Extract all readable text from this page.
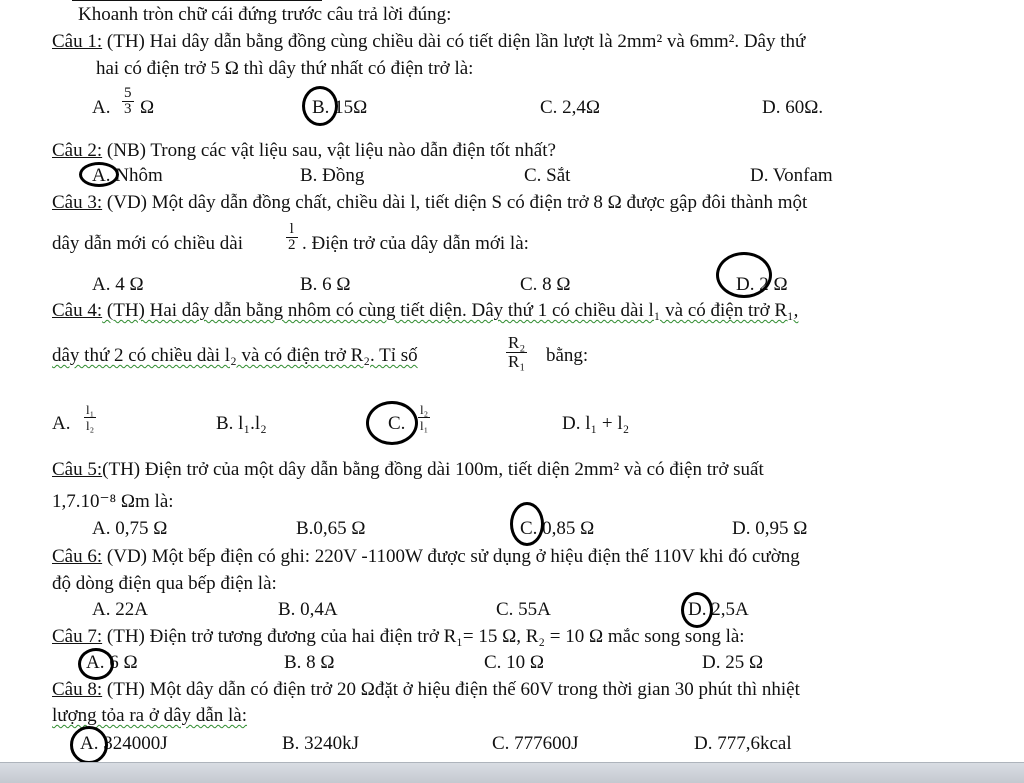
Khoanh tròn chữ cái đứng trước câu trả lời đúng:
Câu 1: (TH) Hai dây dẫn bằng đồng cùng chiều dài có tiết diện lần lượt là 2mm² và 6mm². Dây thứ
hai có điện trở 5 Ω thì dây thứ nhất có điện trở là:
A. $\frac{5}{3}$ Ω	B. 15Ω	C. 2,4Ω	D. 60Ω.
Câu 2: (NB) Trong các vật liệu sau, vật liệu nào dẫn điện tốt nhất?
A. Nhôm	B. Đồng	C. Sắt	D. Vonfam
Câu 3: (VD) Một dây dẫn đồng chất, chiều dài l, tiết diện S có điện trở 8 Ω được gập đôi thành một
dây dẫn mới có chiều dài	$\frac{l}{2}$ . Điện trở của dây dẫn mới là:
A. 4 Ω	B. 6 Ω	C. 8 Ω	D. 2 Ω
Câu 4: (TH) Hai dây dẫn bằng nhôm có cùng tiết diện. Dây thứ 1 có chiều dài l₁ và có điện trở R₁,
dây thứ 2 có chiều dài l₂ và có điện trở R₂. Tỉ số	$\frac{\text{R₂}}{\text{R₁}}$ bằng:
A. $\frac{\text{l₁}}{\text{l₂}}$	B. l₁.l₂	C. $\frac{\text{l₂}}{\text{l₁}}$	D. l₁ + l₂
Câu 5:(TH) Điện trở của một dây dẫn bằng đồng dài 100m, tiết diện 2mm² và có điện trở suất
1,7.10⁻⁸ Ωm là:
A. 0,75 Ω	B.0,65 Ω	C. 0,85 Ω	D. 0,95 Ω
Câu 6: (VD) Một bếp điện có ghi: 220V -1100W được sử dụng ở hiệu điện thế 110V khi đó cường
độ dòng điện qua bếp điện là:
A. 22A	B. 0,4A	C. 55A	D. 2,5A
Câu 7: (TH) Điện trở tương đương của hai điện trở R₁= 15 Ω, R₂ = 10 Ω mắc song song là:
A. 6 Ω	B. 8 Ω	C. 10 Ω	D. 25 Ω
Câu 8: (TH) Một dây dẫn có điện trở 20 Ωđặt ở hiệu điện thế 60V trong thời gian 30 phút thì nhiệt
lượng tỏa ra ở dây dẫn là:
A. 324000J	B. 3240kJ	C. 777600J	D. 777,6kcal
